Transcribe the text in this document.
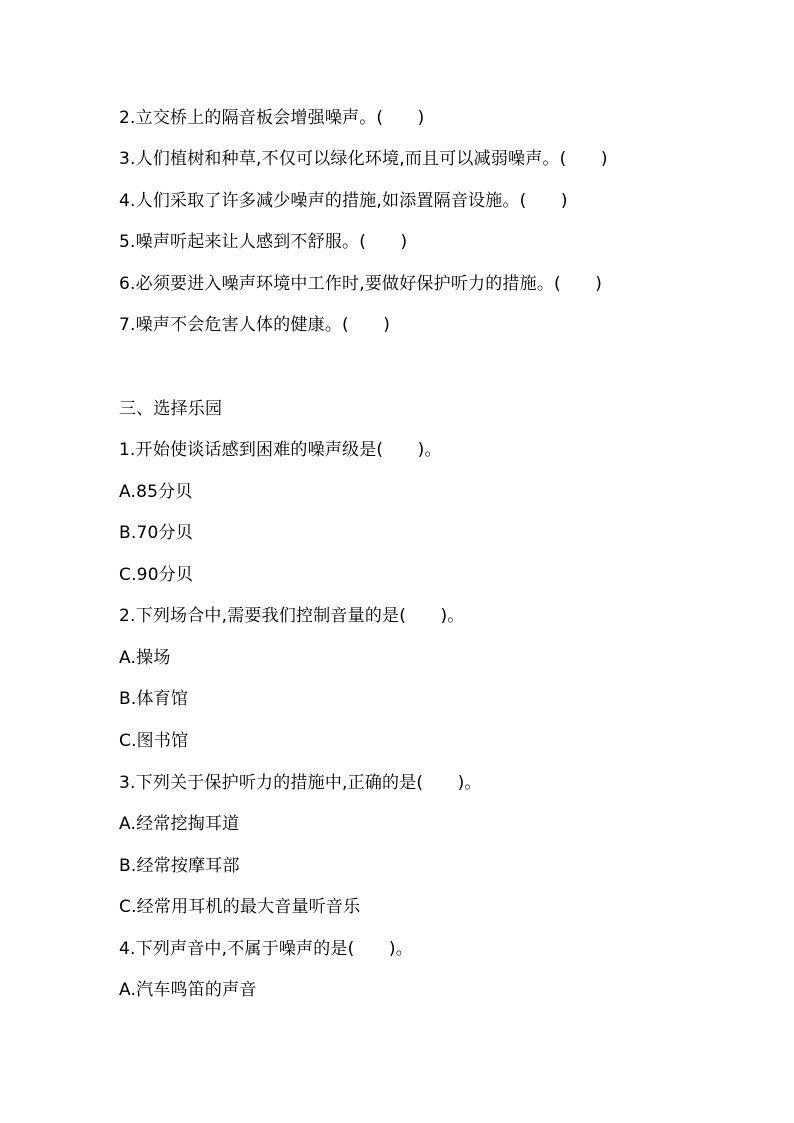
2.立交桥上的隔音板会增强噪声。(　　)
3.人们植树和种草,不仅可以绿化环境,而且可以减弱噪声。(　　)
4.人们采取了许多减少噪声的措施,如添置隔音设施。(　　)
5.噪声听起来让人感到不舒服。(　　)
6.必须要进入噪声环境中工作时,要做好保护听力的措施。(　　)
7.噪声不会危害人体的健康。(　　)
三、选择乐园
1.开始使谈话感到困难的噪声级是(　　)。
A.85分贝
B.70分贝
C.90分贝
2.下列场合中,需要我们控制音量的是(　　)。
A.操场
B.体育馆
C.图书馆
3.下列关于保护听力的措施中,正确的是(　　)。
A.经常挖掏耳道
B.经常按摩耳部
C.经常用耳机的最大音量听音乐
4.下列声音中,不属于噪声的是(　　)。
A.汽车鸣笛的声音
